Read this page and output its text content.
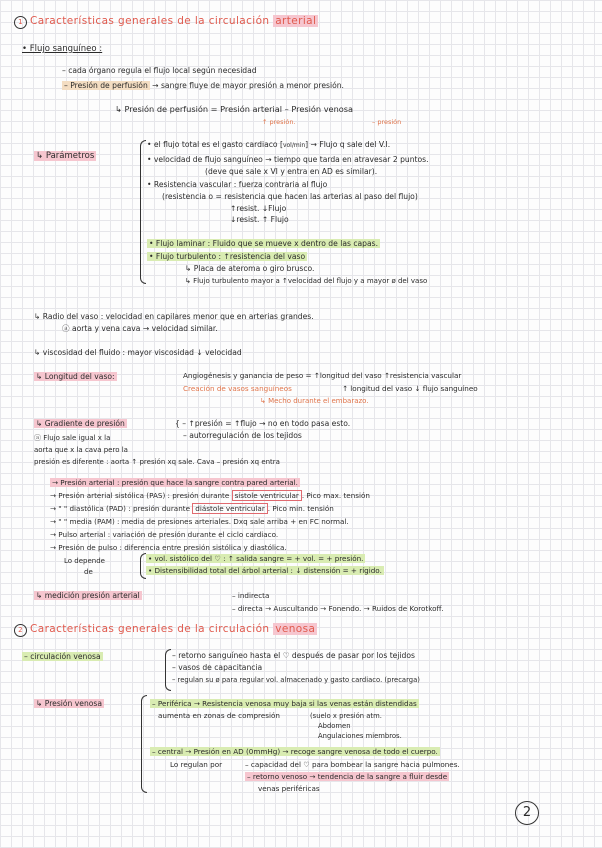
1 Características generales de la circulación arterial
• Flujo sanguíneo :
– cada órgano regula el flujo local según necesidad
– Presión de perfusión → sangre fluye de mayor presión a menor presión.
↳ Presión de perfusión = Presión arterial – Presión venosa
↑ presión.	– presión
↳ Parámetros
• el flujo total es el gasto cardiaco [vol/min] → Flujo q sale del V.I.
• velocidad de flujo sanguíneo → tiempo que tarda en atravesar 2 puntos.
(deve que sale x VI y entra en AD es similar).
• Resistencia vascular : fuerza contraria al flujo
(resistencia o = resistencia que hacen las arterias al paso del flujo)
↑resist. ↓Flujo
↓resist. ↑ Flujo
• Flujo laminar : Fluido que se mueve x dentro de las capas.
• Flujo turbulento : ↑resistencia del vaso
↳ Placa de ateroma o giro brusco.
↳ Flujo turbulento mayor a ↑velocidad del flujo y a mayor ø del vaso
↳ Radio del vaso : velocidad en capilares menor que en arterias grandes.
ⓐ aorta y vena cava → velocidad similar.
↳ viscosidad del fluido : mayor viscosidad ↓ velocidad
↳ Longitud del vaso:	Angiogénesis y ganancia de peso = ↑longitud del vaso ↑resistencia vascular
Creación de vasos sanguíneos	↑ longitud del vaso ↓ flujo sanguíneo
↳ Mecho durante el embarazo.
↳ Gradiente de presión	{ – ↑presión = ↑flujo → no en todo pasa esto.
– autorregulación de los tejidos
ⓐ Flujo sale igual x la
aorta que x la cava pero la
presión es diferente : aorta ↑ presión xq sale. Cava – presión xq entra
→ Presión arterial : presión que hace la sangre contra pared arterial.
→ Presión arterial sistólica (PAS) : presión durante sístole ventricular . Pico max. tensión
→ " " diastólica (PAD) : presión durante diástole ventricular . Pico min. tensión
→ " " media (PAM) : media de presiones arteriales. Dxq sale arriba + en FC normal.
→ Pulso arterial : variación de presión durante el ciclo cardiaco.
→ Presión de pulso : diferencia entre presión sistólica y diastólica.
Lo depende
de
• vol. sistólico del ♡ : ↑ salida sangre = + vol. = + presión.
• Distensibilidad total del árbol arterial : ↓ distensión = + rígido.
↳ medición presión arterial	– indirecta
– directa → Auscultando → Fonendo. → Ruidos de Korotkoff.
2 Características generales de la circulación venosa
– circulación venosa	– retorno sanguíneo hasta el ♡ después de pasar por los tejidos
– vasos de capacitancia
– regulan su ø para regular vol. almacenado y gasto cardiaco. (precarga)
↳ Presión venosa	– Periférica → Resistencia venosa muy baja si las venas están distendidas
aumenta en zonas de compresión	(suelo x presión atm.
Abdomen
Angulaciones miembros.
– central → Presión en AD (0mmHg) → recoge sangre venosa de todo el cuerpo.
Lo regulan por	– capacidad del ♡ para bombear la sangre hacia pulmones.
– retorno venoso → tendencia de la sangre a fluir desde
venas periféricas
2
